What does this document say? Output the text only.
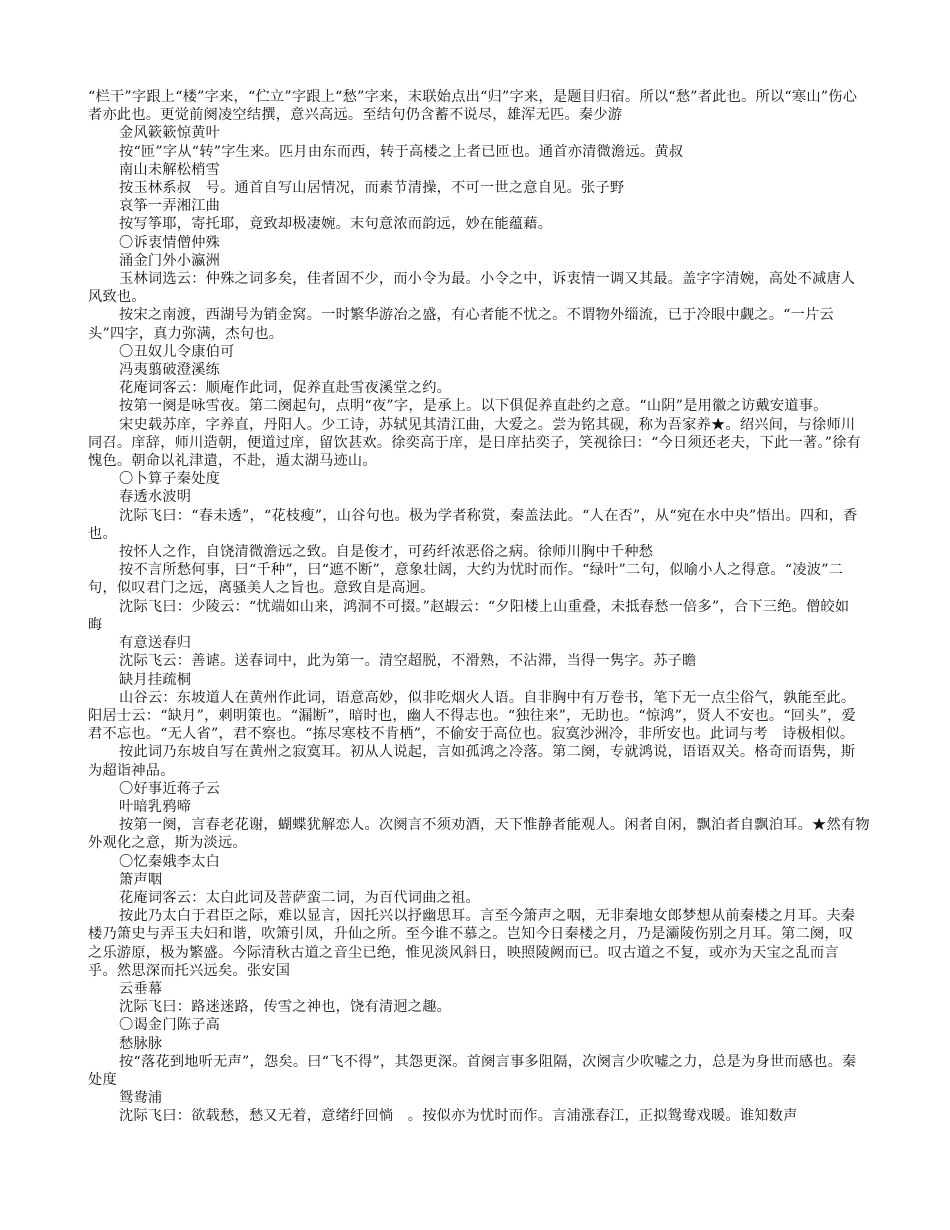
“栏干”字跟上“楼”字来，“伫立”字跟上“愁”字来，末联始点出“归”字来，是题目归宿。所以“愁”者此也。所以“寒山”伤心者亦此也。更觉前阕凌空结撰，意兴高远。至结句仍含蓄不说尽，雄浑无匹。秦少游

金风簌簌惊黄叶

按“匝”字从“转”字生来。匹月由东而西，转于高楼之上者已匝也。通首亦清微澹远。黄叔

南山未解松梢雪

按玉林系叔　号。通首自写山居情况，而素节清操，不可一世之意自见。张子野

哀筝一弄湘江曲

按写筝耶，寄托耶，竟致却极凄婉。末句意浓而韵远，妙在能蕴藉。

〇诉衷情僧仲殊

涌金门外小瀛洲

玉林词选云：仲殊之词多矣，佳者固不少，而小令为最。小令之中，诉衷情一调又其最。盖字字清婉，高处不减唐人风致也。

按宋之南渡，西湖号为销金窝。一时繁华游冶之盛，有心者能不忧之。不谓物外缁流，已于冷眼中觑之。“一片云头”四字，真力弥满，杰句也。

〇丑奴儿令康伯可

冯夷翦破澄溪练

花庵词客云：顺庵作此词，促养直赴雪夜溪堂之约。

按第一阕是咏雪夜。第二阕起句，点明“夜”字，是承上。以下俱促养直赴约之意。“山阴”是用徽之访戴安道事。

宋史载苏庠，字养直，丹阳人。少工诗，苏轼见其清江曲，大爱之。尝为铭其砚，称为吾家养★。绍兴间，与徐师川同召。庠辞，师川造朝，便道过庠，留饮甚欢。徐奕高于庠，是日庠拈奕子，笑视徐曰：“今日须还老夫，下此一著。”徐有愧色。朝命以礼津遣，不赴，遁太湖马迹山。

〇卜算子秦处度

春透水波明

沈际飞曰：“春未透”，“花枝瘦”，山谷句也。极为学者称赏，秦盖法此。“人在否”，从“宛在水中央”悟出。四和，香也。

按怀人之作，自饶清微澹远之致。自是俊才，可药纤浓恶俗之病。徐师川胸中千种愁

按不言所愁何事，曰“千种”，曰“遮不断”，意象壮阔，大约为忧时而作。“绿叶”二句，似喻小人之得意。“凌波”二句，似叹君门之远，离骚美人之旨也。意致自是高迥。

沈际飞曰：少陵云：“忧端如山来，鸿洞不可掇。”赵嘏云：“夕阳楼上山重叠，未抵春愁一倍多”，合下三绝。僧皎如晦

有意送春归

沈际飞云：善谑。送春词中，此为第一。清空超脱，不滑熟，不沾滞，当得一隽字。苏子瞻

缺月挂疏桐

山谷云：东坡道人在黄州作此词，语意高妙，似非吃烟火人语。自非胸中有万卷书，笔下无一点尘俗气，孰能至此。　阳居士云：“缺月”，刺明策也。“漏断”，暗时也，幽人不得志也。“独往来”，无助也。“惊鸿”，贤人不安也。“回头”，爱君不忘也。“无人省”，君不察也。“拣尽寒枝不肯栖”，不偷安于高位也。寂寞沙洲冷，非所安也。此词与考　诗极相似。

按此词乃东坡自写在黄州之寂寞耳。初从人说起，言如孤鸿之冷落。第二阕，专就鸿说，语语双关。格奇而语隽，斯为超诣神品。

〇好事近蒋子云

叶暗乳鸦啼

按第一阕，言春老花谢，蝴蝶犹解恋人。次阕言不须劝酒，天下惟静者能观人。闲者自闲，飘泊者自飘泊耳。★然有物外观化之意，斯为淡远。

〇忆秦娥李太白

箫声咽

花庵词客云：太白此词及菩萨蛮二词，为百代词曲之祖。

按此乃太白于君臣之际，难以显言，因托兴以抒幽思耳。言至今箫声之咽，无非秦地女郎梦想从前秦楼之月耳。夫秦楼乃箫史与弄玉夫妇和谐，吹箫引凤，升仙之所。至今谁不慕之。岂知今日秦楼之月，乃是灞陵伤别之月耳。第二阕，叹之乐游原，极为繁盛。今际清秋古道之音尘已绝，惟见淡风斜日，映照陵阙而已。叹古道之不复，或亦为天宝之乱而言乎。然思深而托兴远矣。张安国

云垂幕

沈际飞曰：路迷迷路，传雪之神也，饶有清迥之趣。

〇谒金门陈子高

愁脉脉

按“落花到地听无声”，怨矣。曰“飞不得”，其怨更深。首阕言事多阻隔，次阕言少吹嘘之力，总是为身世而感也。秦处度

鸳鸯浦

沈际飞曰：欲载愁，愁又无着，意绪纡回惝　。按似亦为忧时而作。言浦涨春江，正拟鸳鸯戏暖。谁知数声
